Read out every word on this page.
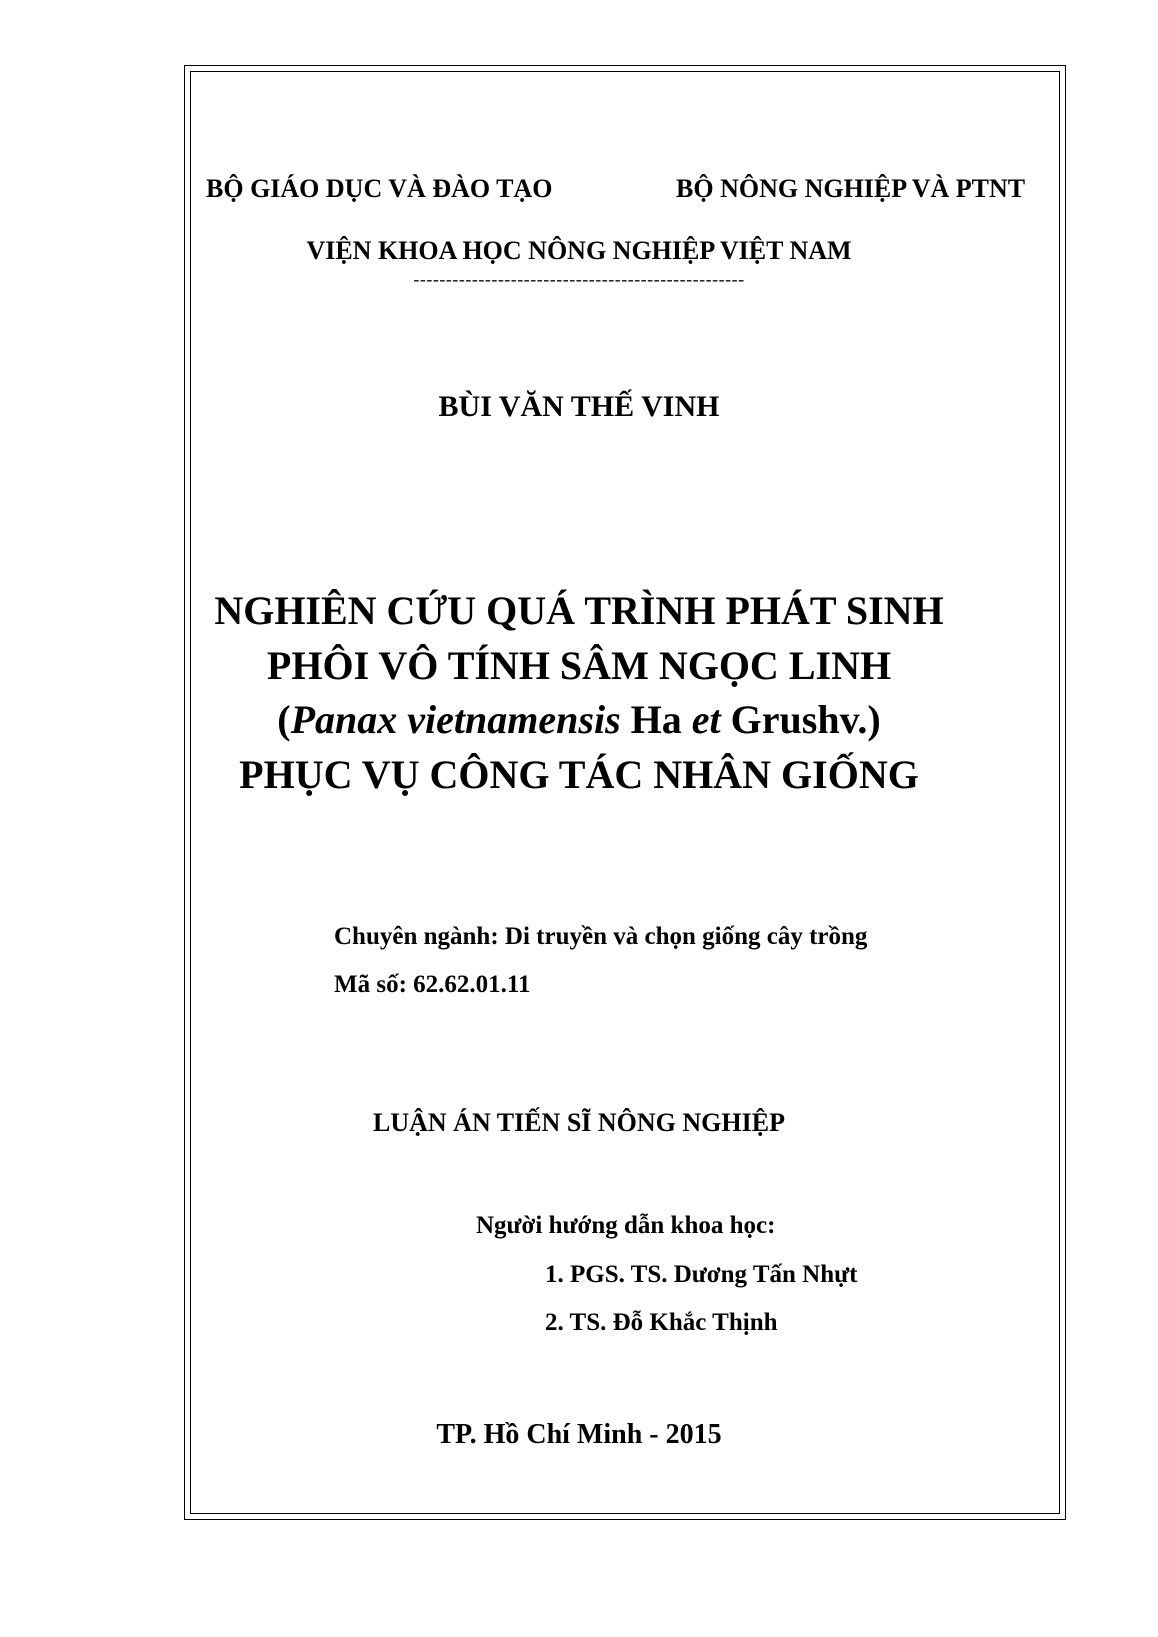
BỘ GIÁO DỤC VÀ ĐÀO TẠO	BỘ NÔNG NGHIỆP VÀ PTNT
VIỆN KHOA HỌC NÔNG NGHIỆP VIỆT NAM
---------------------------------------------------
BÙI VĂN THẾ VINH
NGHIÊN CỨU QUÁ TRÌNH PHÁT SINH
PHÔI VÔ TÍNH SÂM NGỌC LINH
(Panax vietnamensis Ha et Grushv.)
PHỤC VỤ CÔNG TÁC NHÂN GIỐNG
Chuyên ngành: Di truyền và chọn giống cây trồng
Mã số: 62.62.01.11
LUẬN ÁN TIẾN SĨ NÔNG NGHIỆP
Người hướng dẫn khoa học:
1. PGS. TS. Dương Tấn Nhựt
2. TS. Đỗ Khắc Thịnh
TP. Hồ Chí Minh - 2015
